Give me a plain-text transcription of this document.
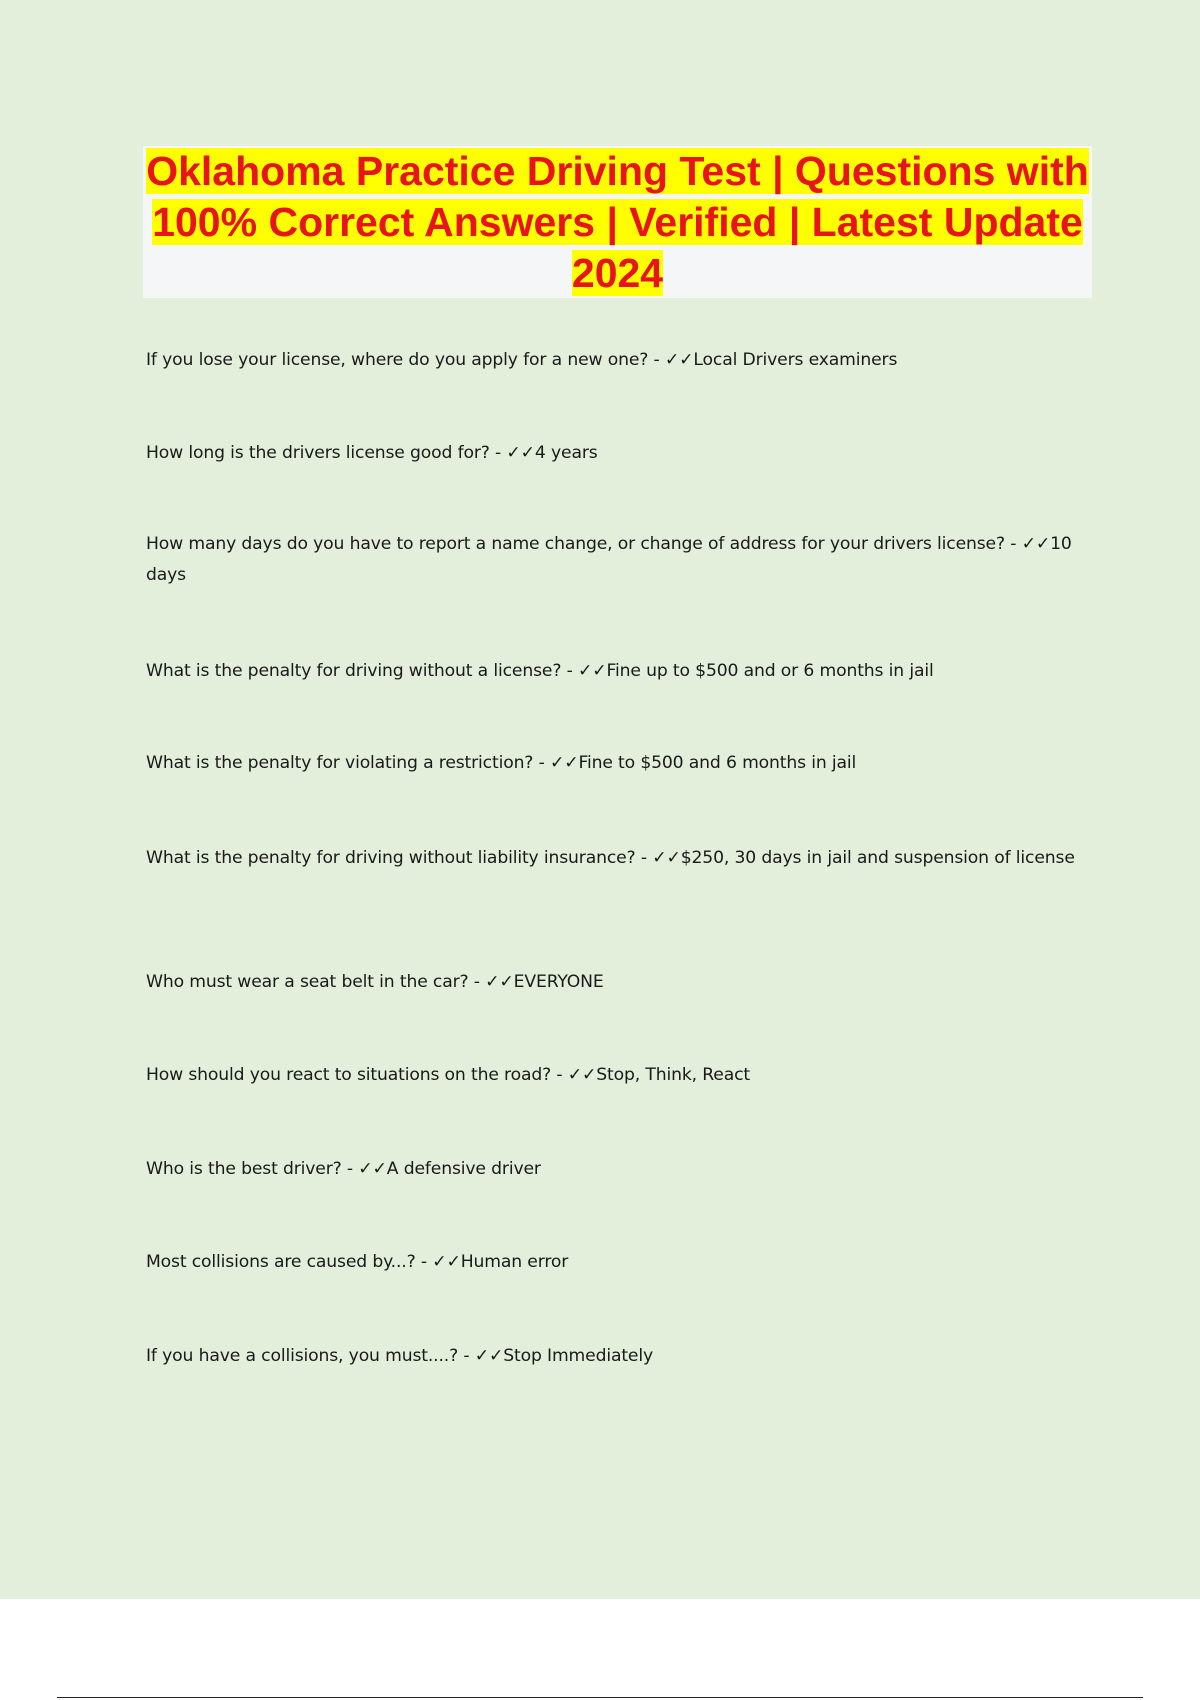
Oklahoma Practice Driving Test | Questions with 100% Correct Answers | Verified | Latest Update 2024

If you lose your license, where do you apply for a new one? - ✓✓Local Drivers examiners

How long is the drivers license good for? - ✓✓4 years

How many days do you have to report a name change, or change of address for your drivers license? - ✓✓10 days

What is the penalty for driving without a license? - ✓✓Fine up to $500 and or 6 months in jail

What is the penalty for violating a restriction? - ✓✓Fine to $500 and 6 months in jail

What is the penalty for driving without liability insurance? - ✓✓$250, 30 days in jail and suspension of license

Who must wear a seat belt in the car? - ✓✓EVERYONE

How should you react to situations on the road? - ✓✓Stop, Think, React

Who is the best driver? - ✓✓A defensive driver

Most collisions are caused by...? - ✓✓Human error

If you have a collisions, you must....? - ✓✓Stop Immediately
